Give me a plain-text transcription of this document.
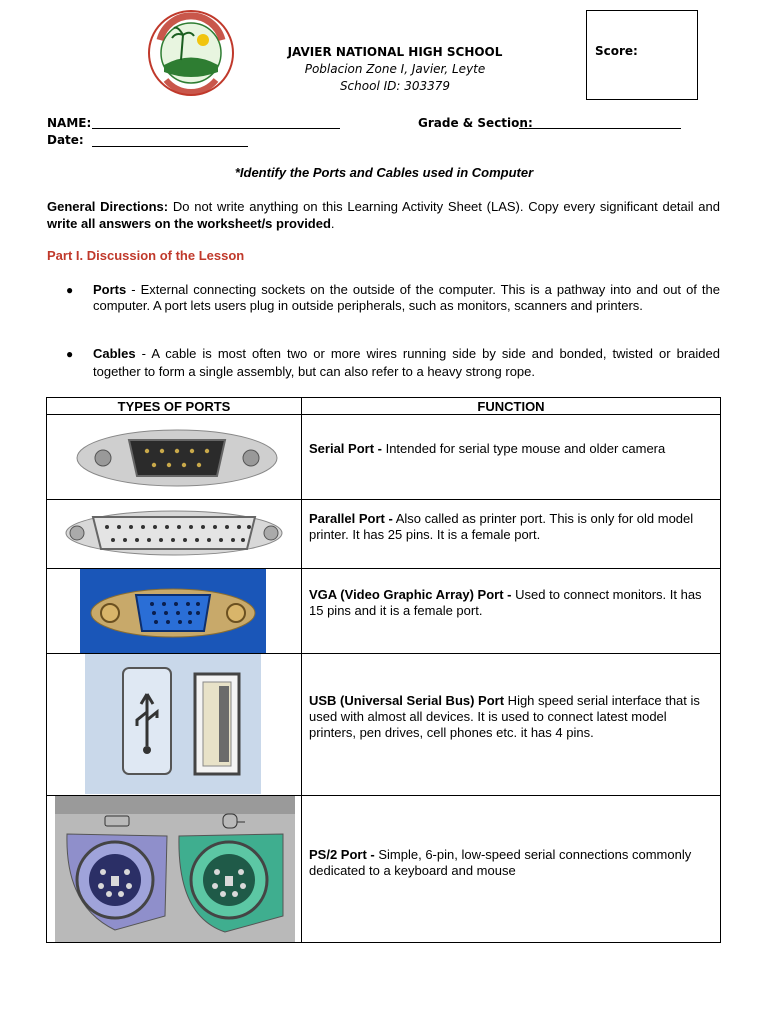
JAVIER NATIONAL HIGH SCHOOL
Poblacion Zone I, Javier, Leyte
School ID: 303379
Score:
NAME:	Grade & Section:
Date:
*Identify the Ports and Cables used in Computer
General Directions: Do not write anything on this Learning Activity Sheet (LAS). Copy every significant detail and write all answers on the worksheet/s provided.
Part I. Discussion of the Lesson
● Ports - External connecting sockets on the outside of the computer. This is a pathway into and out of the computer. A port lets users plug in outside peripherals, such as monitors, scanners and printers.
● Cables - A cable is most often two or more wires running side by side and bonded, twisted or braided together to form a single assembly, but can also refer to a heavy strong rope.
TYPES OF PORTS	FUNCTION
Serial Port - Intended for serial type mouse and older camera
Parallel Port - Also called as printer port. This is only for old model printer. It has 25 pins. It is a female port.
VGA (Video Graphic Array) Port - Used to connect monitors. It has 15 pins and it is a female port.
USB (Universal Serial Bus) Port High speed serial interface that is used with almost all devices. It is used to connect latest model printers, pen drives, cell phones etc. it has 4 pins.
PS/2 Port - Simple, 6-pin, low-speed serial connections commonly dedicated to a keyboard and mouse
